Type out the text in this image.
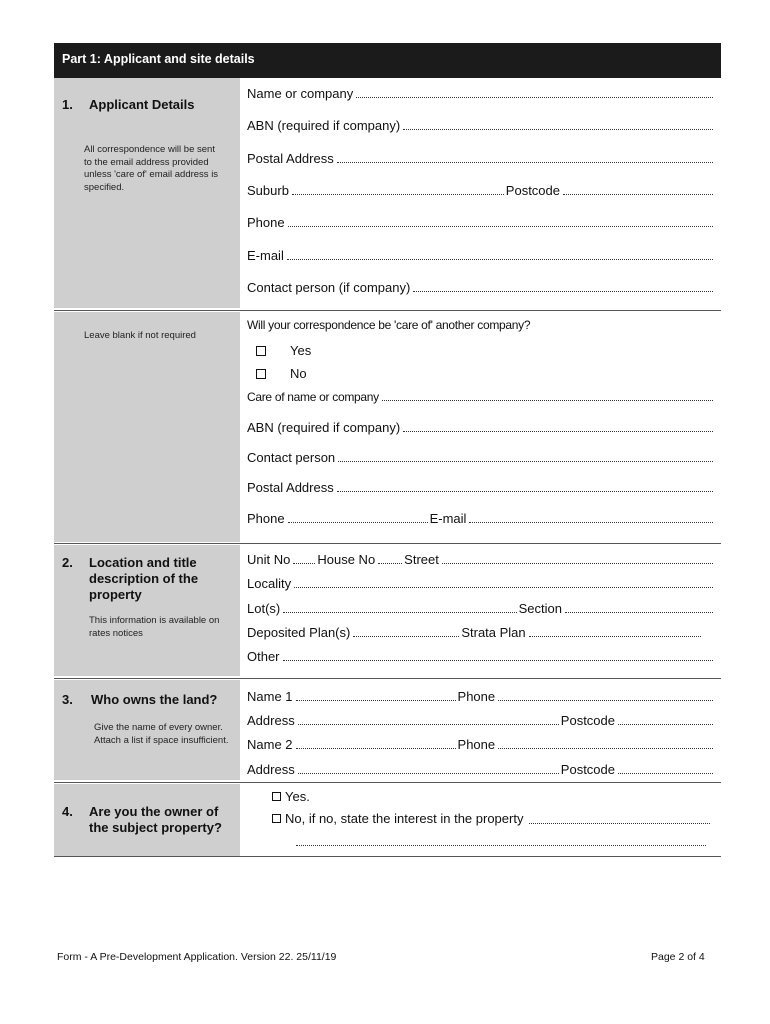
Part 1: Applicant and site details
1. Applicant Details
All correspondence will be sent to the email address provided unless 'care of' email address is specified.
Name or company
ABN (required if company)
Postal Address
Suburb	Postcode
Phone
E-mail
Contact person (if company)
Leave blank if not required
Will your correspondence be 'care of' another company?
Yes
No
Care of name or company
ABN (required if company)
Contact person
Postal Address
Phone	E-mail
2. Location and title description of the property
This information is available on rates notices
Unit No House No Street
Locality
Lot(s)	Section
Deposited Plan(s)	Strata Plan
Other
3. Who owns the land?
Give the name of every owner. Attach a list if space insufficient.
Name 1	Phone
Address	Postcode
Name 2	Phone
Address	Postcode
4. Are you the owner of the subject property?
Yes.
No, if no, state the interest in the property
Form - A Pre-Development Application. Version 22. 25/11/19	Page 2 of 4
